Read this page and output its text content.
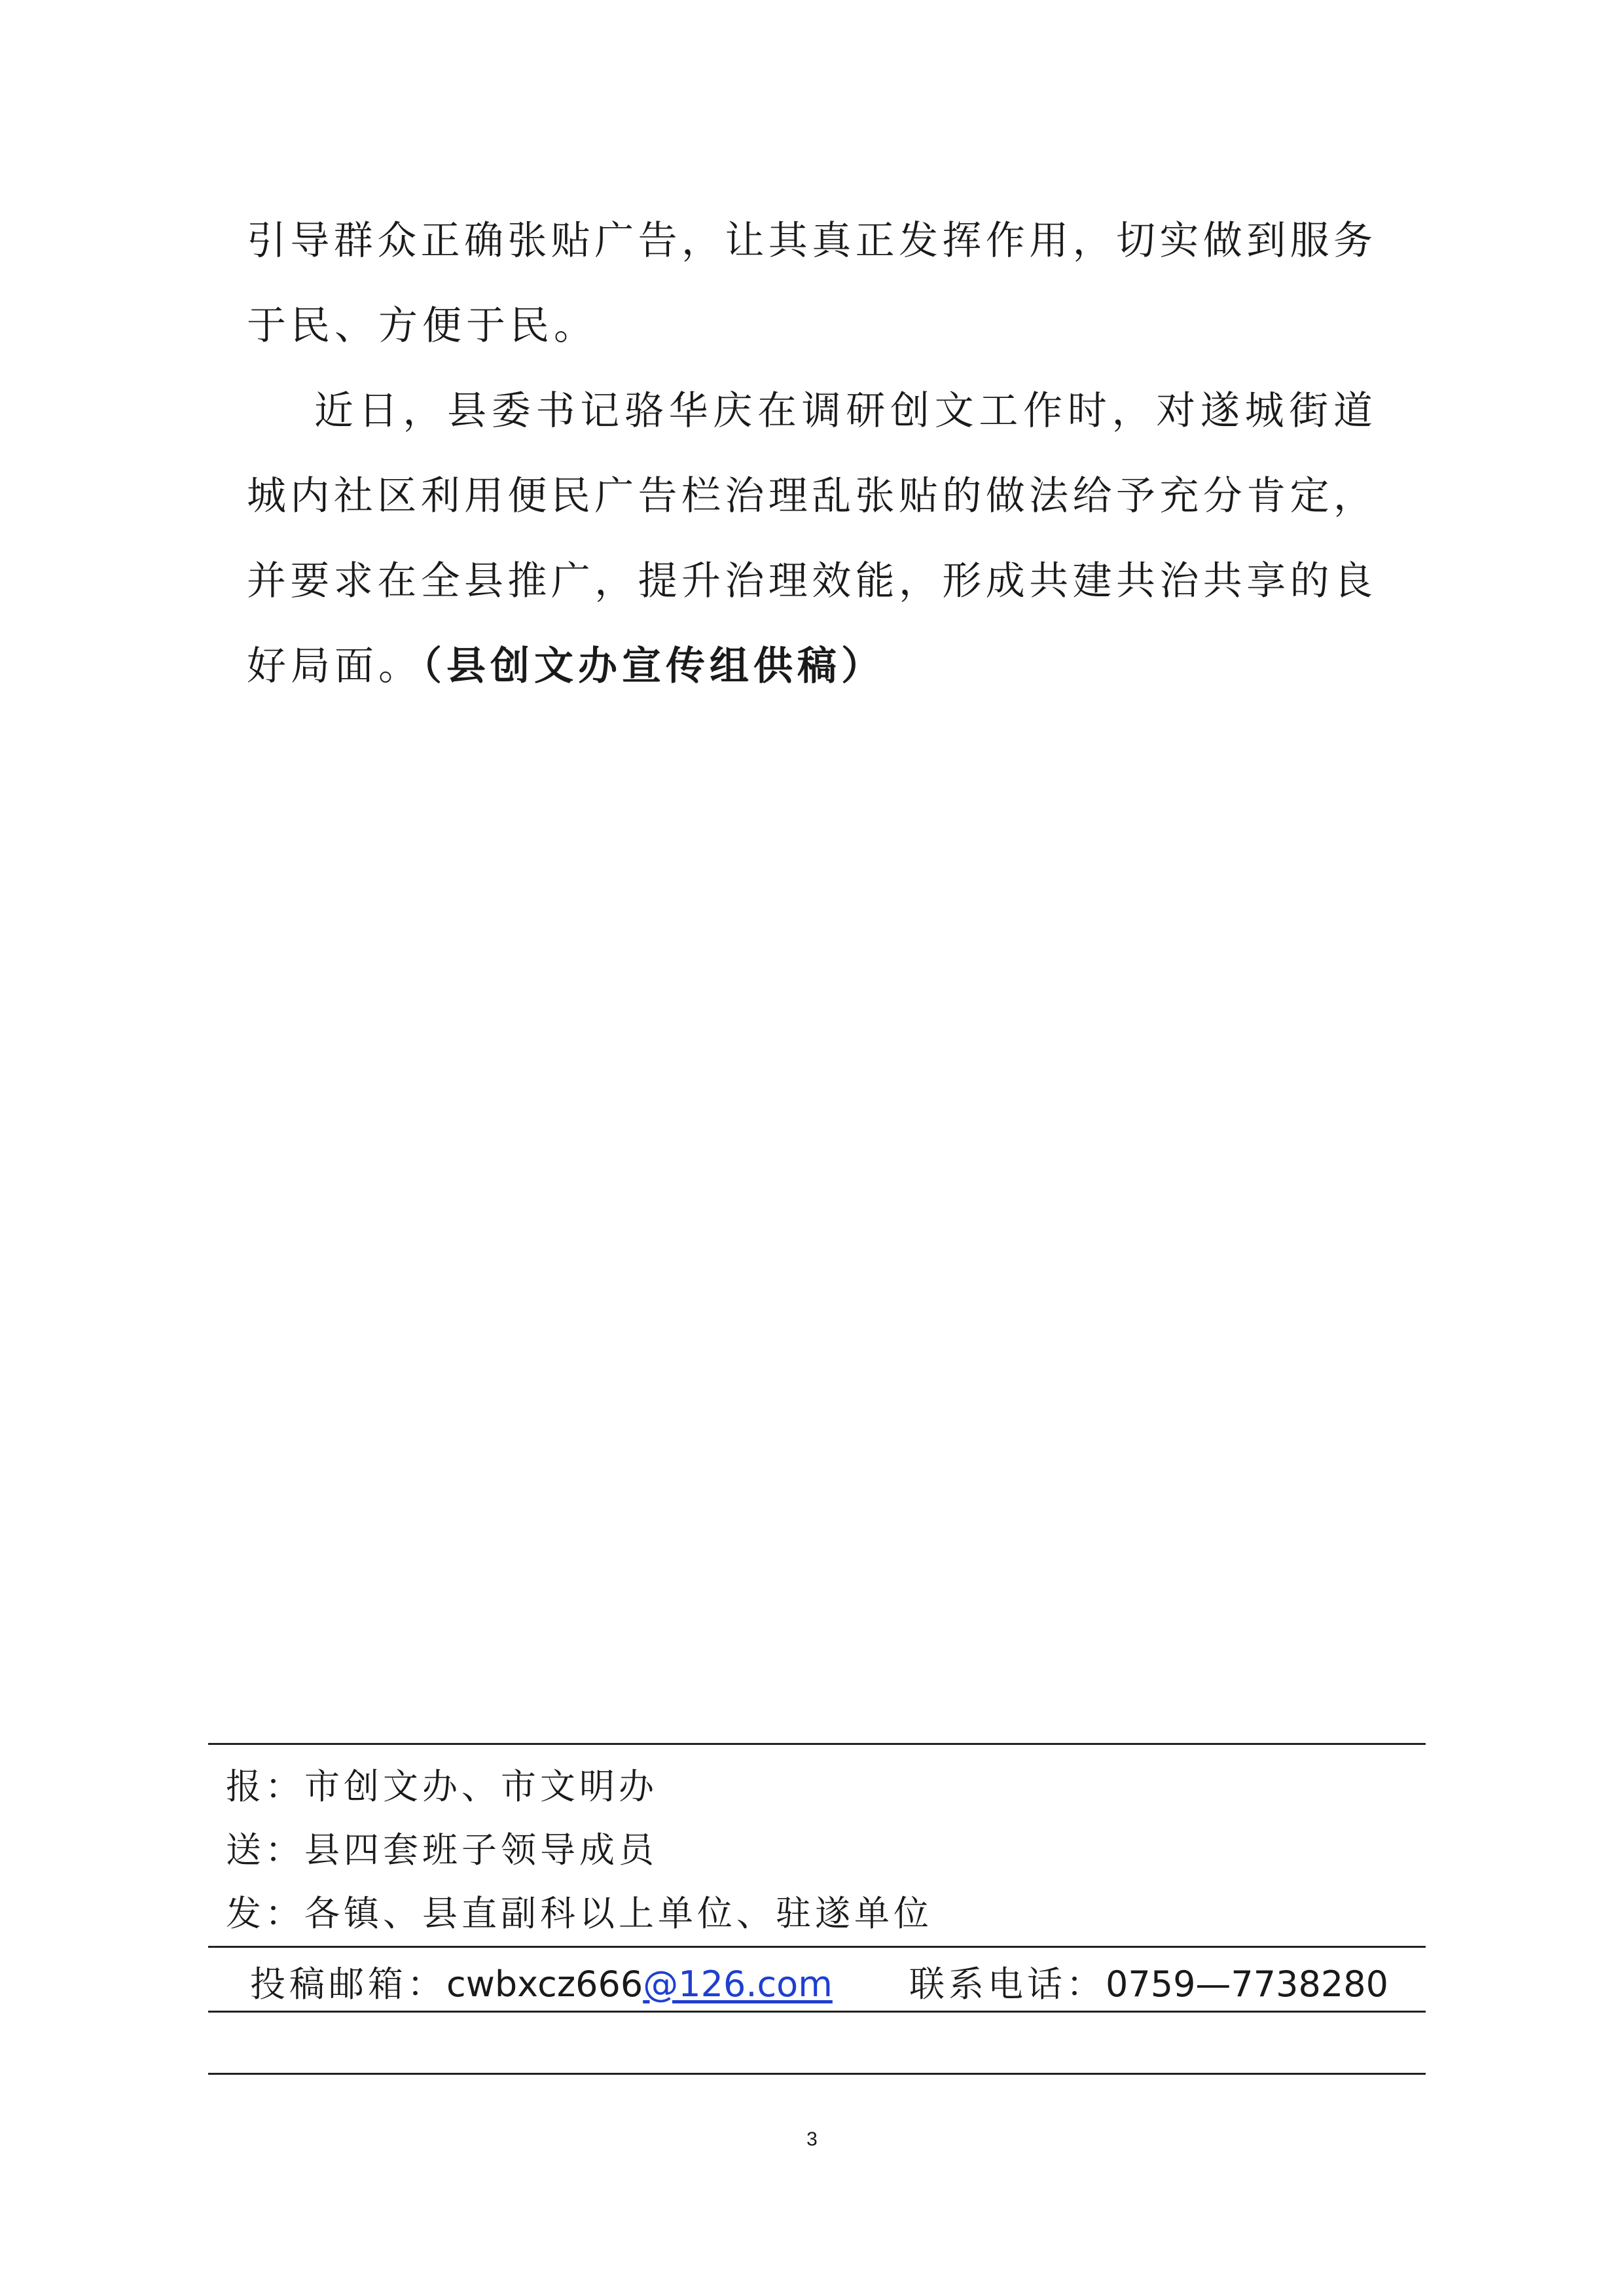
引导群众正确张贴广告，让其真正发挥作用，切实做到服务
于民、方便于民。
近日，县委书记骆华庆在调研创文工作时，对遂城街道
城内社区利用便民广告栏治理乱张贴的做法给予充分肯定，
并要求在全县推广，提升治理效能，形成共建共治共享的良
好局面。（县创文办宣传组供稿）
报：市创文办、市文明办
送：县四套班子领导成员
发：各镇、县直副科以上单位、驻遂单位
投稿邮箱：cwbxcz666@126.com 联系电话：0759—7738280
3
